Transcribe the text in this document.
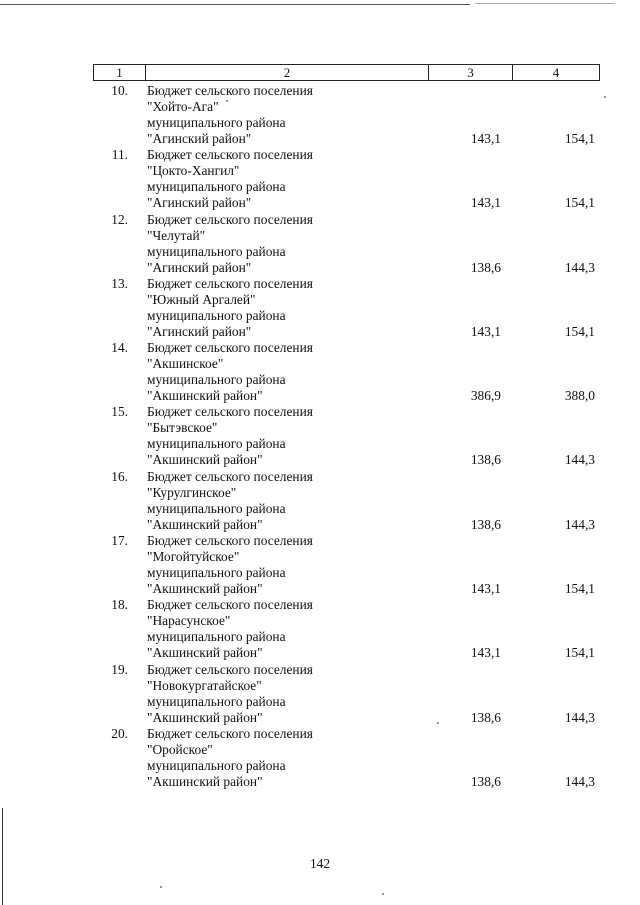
1	2	3	4
10. Бюджет сельского поселения
"Хойто-Ага"
муниципального района
"Агинский район"	143,1	154,1
11. Бюджет сельского поселения
"Цокто-Хангил"
муниципального района
"Агинский район"	143,1	154,1
12. Бюджет сельского поселения
"Челутай"
муниципального района
"Агинский район"	138,6	144,3
13. Бюджет сельского поселения
"Южный Аргалей"
муниципального района
"Агинский район"	143,1	154,1
14. Бюджет сельского поселения
"Акшинское"
муниципального района
"Акшинский район"	386,9	388,0
15. Бюджет сельского поселения
"Бытэвское"
муниципального района
"Акшинский район"	138,6	144,3
16. Бюджет сельского поселения
"Курулгинское"
муниципального района
"Акшинский район"	138,6	144,3
17. Бюджет сельского поселения
"Могойтуйское"
муниципального района
"Акшинский район"	143,1	154,1
18. Бюджет сельского поселения
"Нарасунское"
муниципального района
"Акшинский район"	143,1	154,1
19. Бюджет сельского поселения
"Новокургатайское"
муниципального района
"Акшинский район"	138,6	144,3
20. Бюджет сельского поселения
"Оройское"
муниципального района
"Акшинский район"	138,6	144,3
142
